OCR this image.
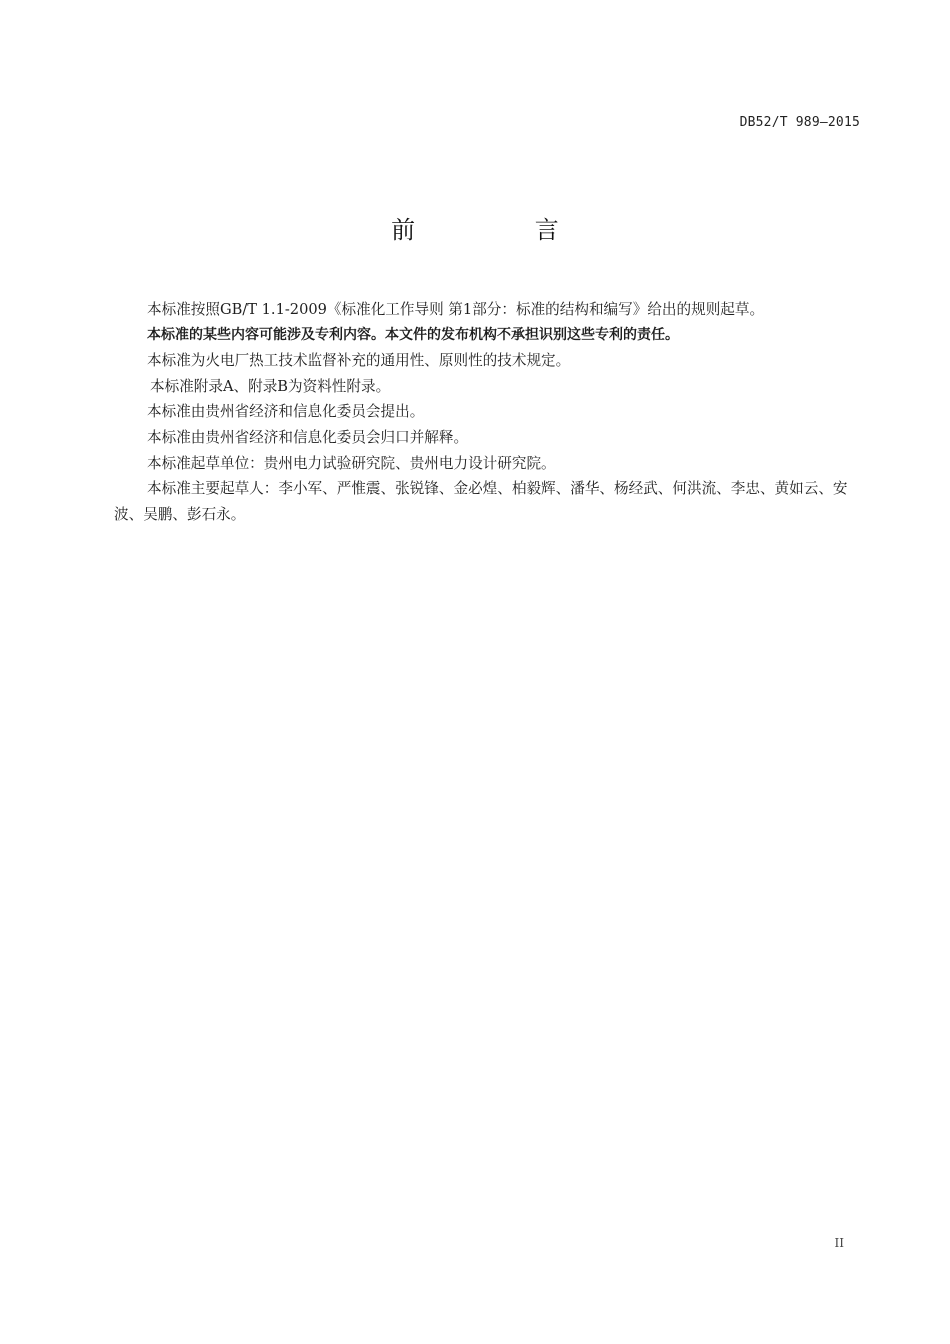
DB52/T 989—2015
前 言

本标准按照GB/T 1.1-2009《标准化工作导则 第1部分：标准的结构和编写》给出的规则起草。

本标准的某些内容可能涉及专利内容。本文件的发布机构不承担识别这些专利的责任。

本标准为火电厂热工技术监督补充的通用性、原则性的技术规定。

本标准附录A、附录B为资料性附录。

本标准由贵州省经济和信息化委员会提出。

本标准由贵州省经济和信息化委员会归口并解释。

本标准起草单位：贵州电力试验研究院、贵州电力设计研究院。

本标准主要起草人：李小军、严惟震、张锐锋、金必煌、柏毅辉、潘华、杨经武、何洪流、李忠、黄如云、安波、吴鹏、彭石永。

II
